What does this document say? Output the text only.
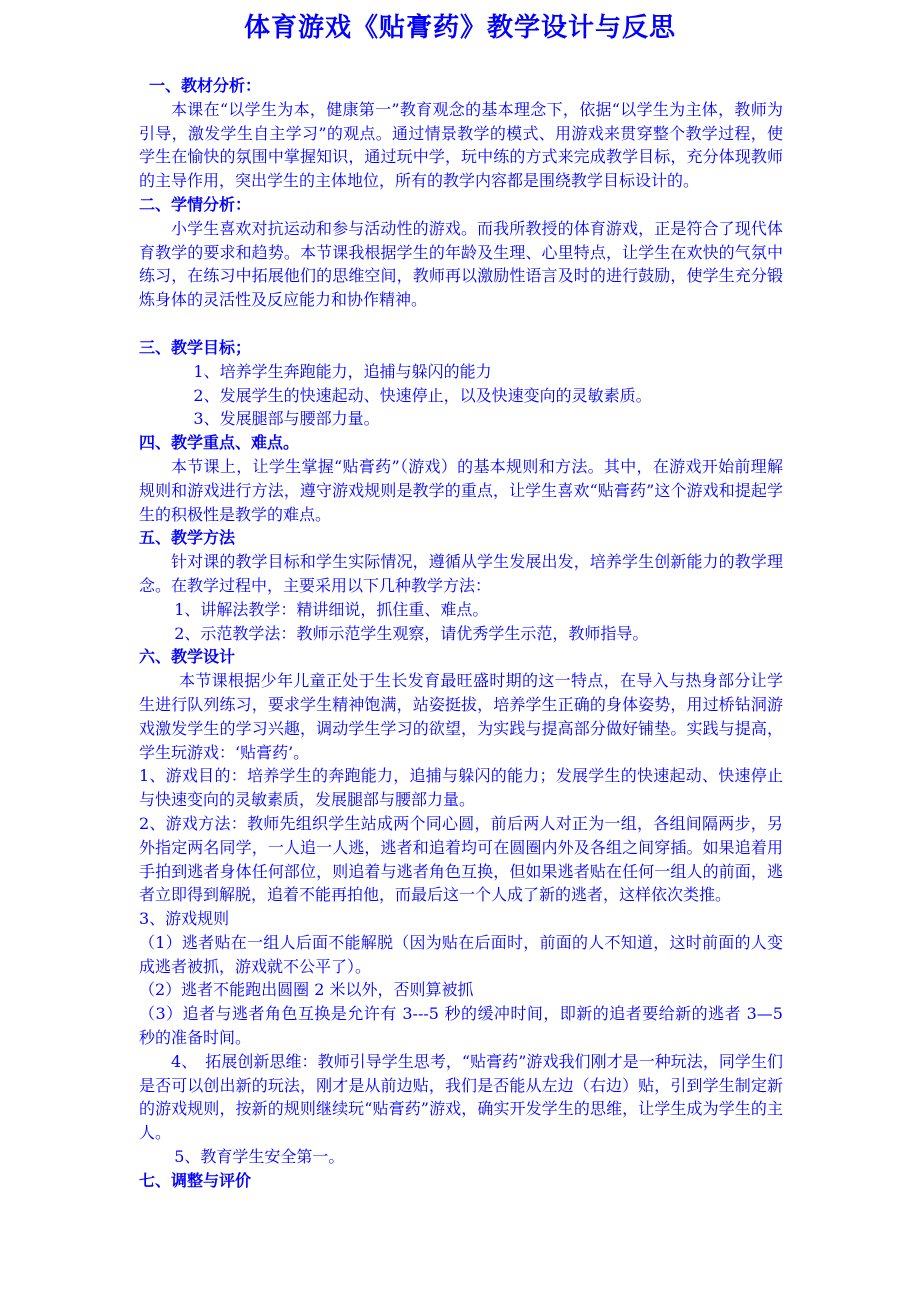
体育游戏《贴膏药》教学设计与反思

一、教材分析：

本课在“以学生为本，健康第一”教育观念的基本理念下，依据“以学生为主体，教师为引导，激发学生自主学习”的观点。通过情景教学的模式、用游戏来贯穿整个教学过程，使学生在愉快的氛围中掌握知识，通过玩中学，玩中练的方式来完成教学目标，充分体现教师的主导作用，突出学生的主体地位，所有的教学内容都是围绕教学目标设计的。

二、学情分析：

小学生喜欢对抗运动和参与活动性的游戏。而我所教授的体育游戏，正是符合了现代体育教学的要求和趋势。本节课我根据学生的年龄及生理、心里特点，让学生在欢快的气氛中练习，在练习中拓展他们的思维空间，教师再以激励性语言及时的进行鼓励，使学生充分锻炼身体的灵活性及反应能力和协作精神。

三、教学目标；

1、培养学生奔跑能力，追捕与躲闪的能力

2、发展学生的快速起动、快速停止，以及快速变向的灵敏素质。

3、发展腿部与腰部力量。

四、教学重点、难点。

本节课上，让学生掌握“贴膏药”（游戏）的基本规则和方法。其中，在游戏开始前理解规则和游戏进行方法，遵守游戏规则是教学的重点，让学生喜欢“贴膏药”这个游戏和提起学生的积极性是教学的难点。

五、教学方法

针对课的教学目标和学生实际情况，遵循从学生发展出发，培养学生创新能力的教学理念。在教学过程中，主要采用以下几种教学方法：

1、讲解法教学：精讲细说，抓住重、难点。

2、示范教学法：教师示范学生观察，请优秀学生示范，教师指导。

六、教学设计

本节课根据少年儿童正处于生长发育最旺盛时期的这一特点，在导入与热身部分让学生进行队列练习，要求学生精神饱满，站姿挺拔，培养学生正确的身体姿势，用过桥钻洞游戏激发学生的学习兴趣，调动学生学习的欲望，为实践与提高部分做好铺垫。实践与提高，学生玩游戏：‘贴膏药’。

1、游戏目的：培养学生的奔跑能力，追捕与躲闪的能力；发展学生的快速起动、快速停止与快速变向的灵敏素质，发展腿部与腰部力量。

2、游戏方法：教师先组织学生站成两个同心圆，前后两人对正为一组，各组间隔两步，另外指定两名同学，一人追一人逃，逃者和追着均可在圆圈内外及各组之间穿插。如果追着用手拍到逃者身体任何部位，则追着与逃者角色互换，但如果逃者贴在任何一组人的前面，逃者立即得到解脱，追着不能再拍他，而最后这一个人成了新的逃者，这样依次类推。

3、游戏规则

（1）逃者贴在一组人后面不能解脱（因为贴在后面时，前面的人不知道，这时前面的人变成逃者被抓，游戏就不公平了）。

（2）逃者不能跑出圆圈 2 米以外，否则算被抓

（3）追者与逃者角色互换是允许有 3---5 秒的缓冲时间，即新的追者要给新的逃者 3—5 秒的准备时间。

4、　拓展创新思维：教师引导学生思考，“贴膏药”游戏我们刚才是一种玩法，同学生们是否可以创出新的玩法，刚才是从前边贴，我们是否能从左边（右边）贴，引到学生制定新的游戏规则，按新的规则继续玩“贴膏药”游戏，确实开发学生的思维，让学生成为学生的主人。

5、教育学生安全第一。

七、调整与评价
